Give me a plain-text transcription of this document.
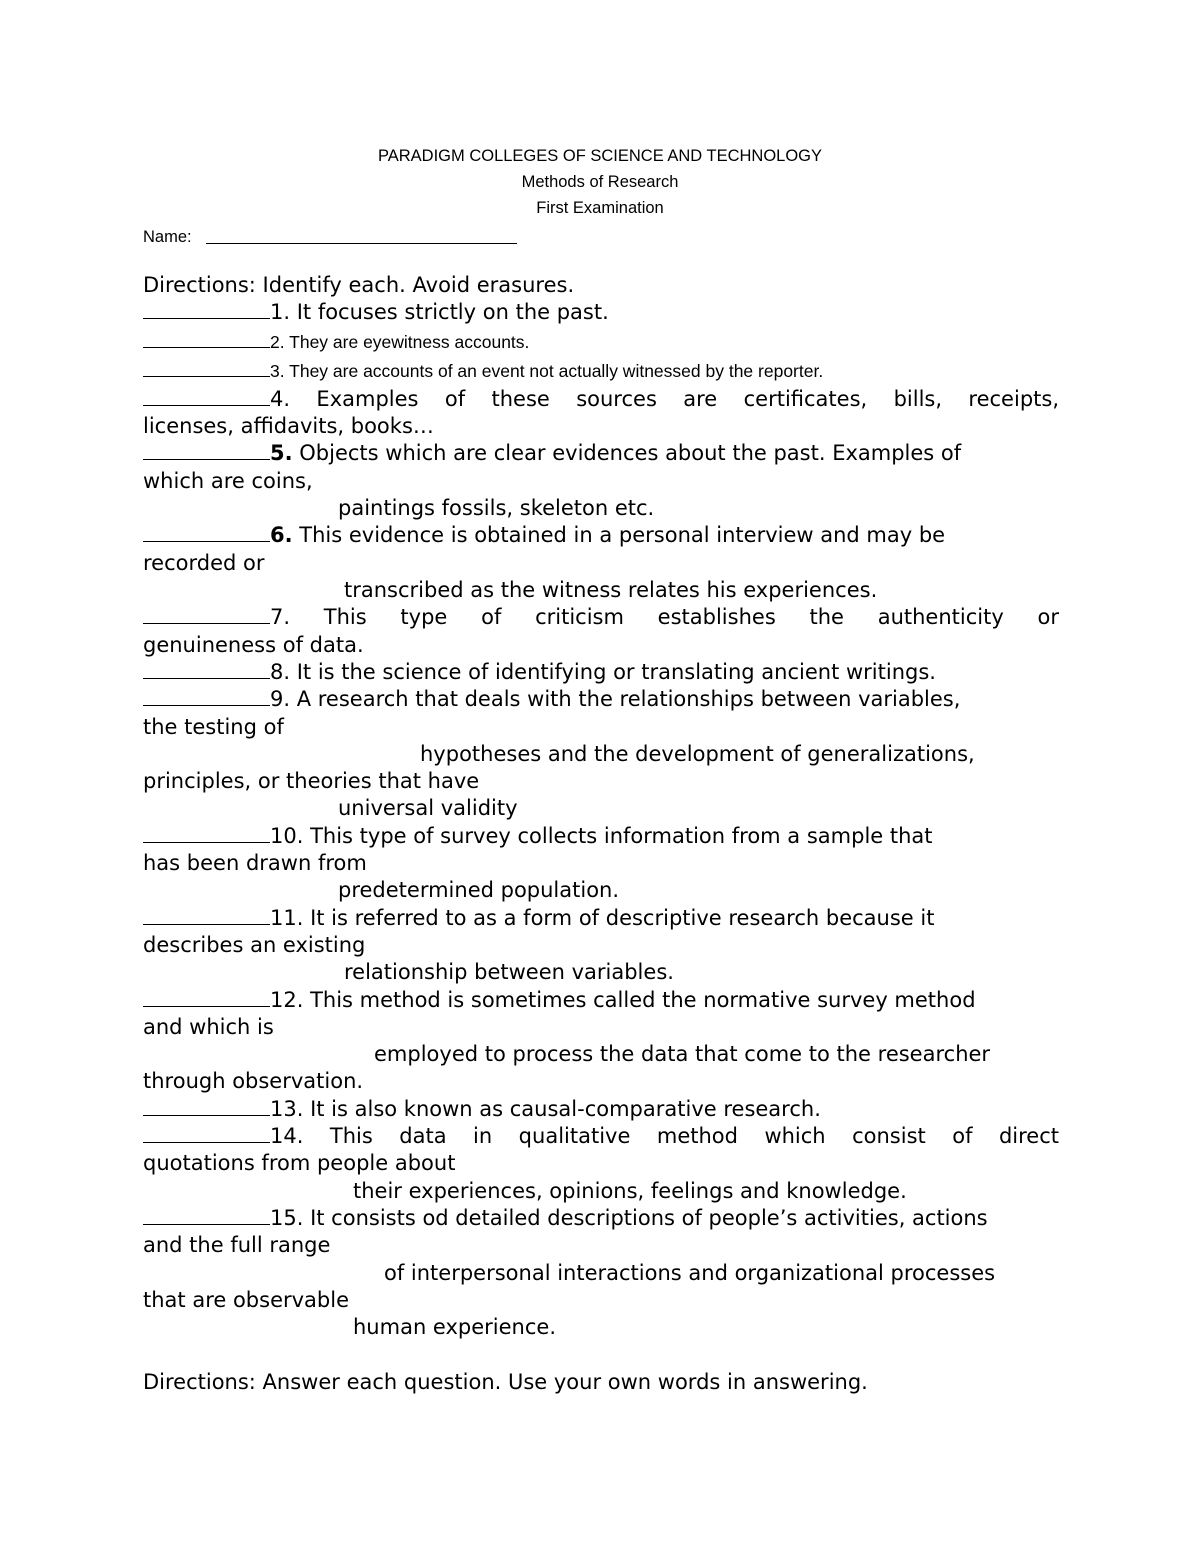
PARADIGM COLLEGES OF SCIENCE AND TECHNOLOGY
Methods of Research
First Examination
Name:
Directions: Identify each. Avoid erasures.
1. It focuses strictly on the past.
2. They are eyewitness accounts.
3. They are accounts of an event not actually witnessed by the reporter.
4. Examples of these sources are certificates, bills, receipts,
licenses, affidavits, books…
5. Objects which are clear evidences about the past. Examples of
which are coins,
paintings fossils, skeleton etc.
6. This evidence is obtained in a personal interview and may be
recorded or
transcribed as the witness relates his experiences.
7. This type of criticism establishes the authenticity or
genuineness of data.
8. It is the science of identifying or translating ancient writings.
9. A research that deals with the relationships between variables,
the testing of
hypotheses and the development of generalizations,
principles, or theories that have
universal validity
10. This type of survey collects information from a sample that
has been drawn from
predetermined population.
11. It is referred to as a form of descriptive research because it
describes an existing
relationship between variables.
12. This method is sometimes called the normative survey method
and which is
employed to process the data that come to the researcher
through observation.
13. It is also known as causal-comparative research.
14. This data in qualitative method which consist of direct
quotations from people about
their experiences, opinions, feelings and knowledge.
15. It consists od detailed descriptions of people’s activities, actions
and the full range
of interpersonal interactions and organizational processes
that are observable
human experience.
Directions: Answer each question. Use your own words in answering.
